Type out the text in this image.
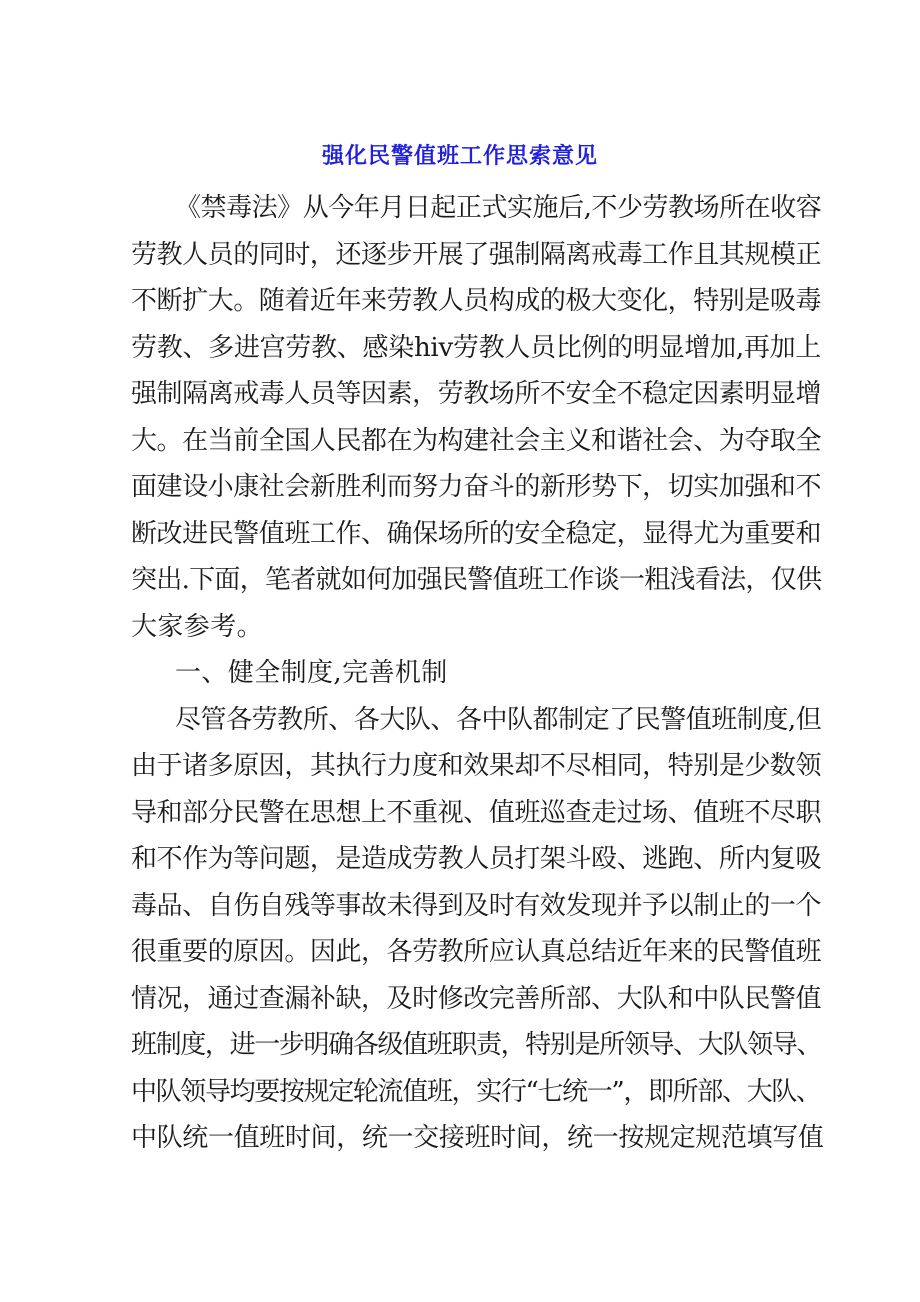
强化民警值班工作思索意见
《禁毒法》从今年月日起正式实施后,不少劳教场所在收容
劳教人员的同时，还逐步开展了强制隔离戒毒工作且其规模正
不断扩大。随着近年来劳教人员构成的极大变化，特别是吸毒
劳教、多进宫劳教、感染hiv劳教人员比例的明显增加,再加上
强制隔离戒毒人员等因素，劳教场所不安全不稳定因素明显增
大。在当前全国人民都在为构建社会主义和谐社会、为夺取全
面建设小康社会新胜利而努力奋斗的新形势下，切实加强和不
断改进民警值班工作、确保场所的安全稳定，显得尤为重要和
突出.下面，笔者就如何加强民警值班工作谈一粗浅看法，仅供
大家参考。
一、健全制度,完善机制
尽管各劳教所、各大队、各中队都制定了民警值班制度,但
由于诸多原因，其执行力度和效果却不尽相同，特别是少数领
导和部分民警在思想上不重视、值班巡查走过场、值班不尽职
和不作为等问题，是造成劳教人员打架斗殴、逃跑、所内复吸
毒品、自伤自残等事故未得到及时有效发现并予以制止的一个
很重要的原因。因此，各劳教所应认真总结近年来的民警值班
情况，通过查漏补缺，及时修改完善所部、大队和中队民警值
班制度，进一步明确各级值班职责，特别是所领导、大队领导、
中队领导均要按规定轮流值班，实行“七统一”，即所部、大队、
中队统一值班时间，统一交接班时间，统一按规定规范填写值
